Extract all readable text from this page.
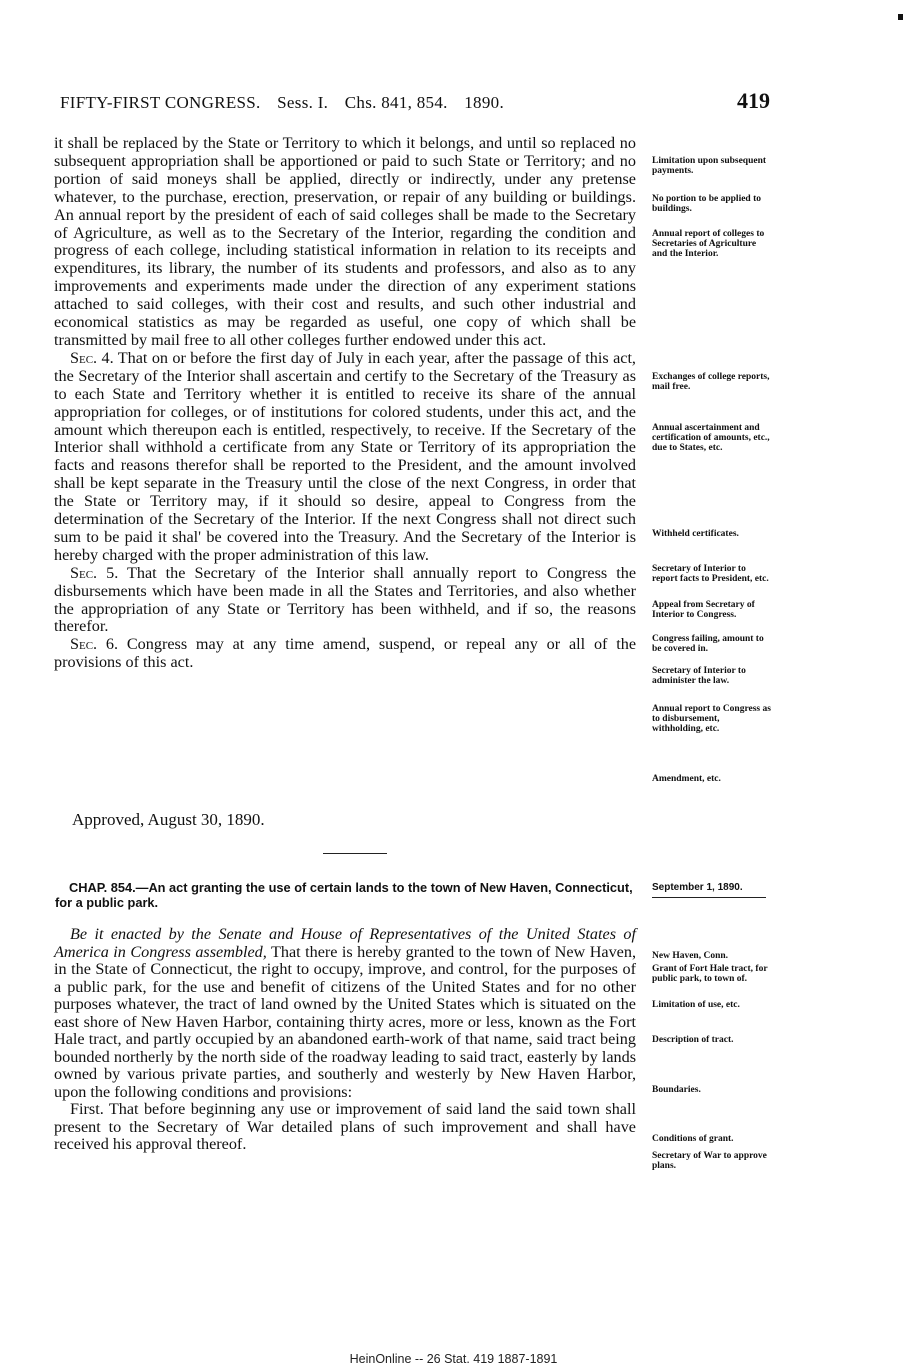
FIFTY-FIRST CONGRESS. Sess. I. Chs. 841, 854. 1890.	419

it shall be replaced by the State or Territory to which it belongs, and until so replaced no subsequent appropriation shall be apportioned or paid to such State or Territory; and no portion of said moneys shall be applied, directly or indirectly, under any pretense whatever, to the purchase, erection, preservation, or repair of any building or buildings. An annual report by the president of each of said colleges shall be made to the Secretary of Agriculture, as well as to the Secretary of the Interior, regarding the condition and progress of each college, including statistical information in relation to its receipts and expenditures, its library, the number of its students and professors, and also as to any improvements and experiments made under the direction of any experiment stations attached to said colleges, with their cost and results, and such other industrial and economical statistics as may be regarded as useful, one copy of which shall be transmitted by mail free to all other colleges further endowed under this act.

Sec. 4. That on or before the first day of July in each year, after the passage of this act, the Secretary of the Interior shall ascertain and certify to the Secretary of the Treasury as to each State and Territory whether it is entitled to receive its share of the annual appropriation for colleges, or of institutions for colored students, under this act, and the amount which thereupon each is entitled, respectively, to receive. If the Secretary of the Interior shall withhold a certificate from any State or Territory of its appropriation the facts and reasons therefor shall be reported to the President, and the amount involved shall be kept separate in the Treasury until the close of the next Congress, in order that the State or Territory may, if it should so desire, appeal to Congress from the determination of the Secretary of the Interior. If the next Congress shall not direct such sum to be paid it shal' be covered into the Treasury. And the Secretary of the Interior is hereby charged with the proper administration of this law.

Sec. 5. That the Secretary of the Interior shall annually report to Congress the disbursements which have been made in all the States and Territories, and also whether the appropriation of any State or Territory has been withheld, and if so, the reasons therefor.

Sec. 6. Congress may at any time amend, suspend, or repeal any or all of the provisions of this act.

Limitation upon subsequent payments.
No portion to be applied to buildings.
Annual report of colleges to Secretaries of Agriculture and the Interior.
Exchanges of college reports, mail free.
Annual ascertainment and certification of amounts, etc., due to States, etc.
Withheld certificates.
Secretary of Interior to report facts to President, etc.
Appeal from Secretary of Interior to Congress.
Congress failing, amount to be covered in.
Secretary of Interior to administer the law.
Annual report to Congress as to disbursement, withholding, etc.
Amendment, etc.
Approved, August 30, 1890.
CHAP. 854.—An act granting the use of certain lands to the town of New Haven, Connecticut, for a public park.
September 1, 1890.

Be it enacted by the Senate and House of Representatives of the United States of America in Congress assembled, That there is hereby granted to the town of New Haven, in the State of Connecticut, the right to occupy, improve, and control, for the purposes of a public park, for the use and benefit of citizens of the United States and for no other purposes whatever, the tract of land owned by the United States which is situated on the east shore of New Haven Harbor, containing thirty acres, more or less, known as the Fort Hale tract, and partly occupied by an abandoned earth-work of that name, said tract being bounded northerly by the north side of the roadway leading to said tract, easterly by lands owned by various private parties, and southerly and westerly by New Haven Harbor, upon the following conditions and provisions:

First. That before beginning any use or improvement of said land the said town shall present to the Secretary of War detailed plans of such improvement and shall have received his approval thereof.

New Haven, Conn.
Grant of Fort Hale tract, for public park, to town of.
Limitation of use, etc.
Description of tract.
Boundaries.
Conditions of grant.
Secretary of War to approve plans.
HeinOnline -- 26 Stat. 419 1887-1891
